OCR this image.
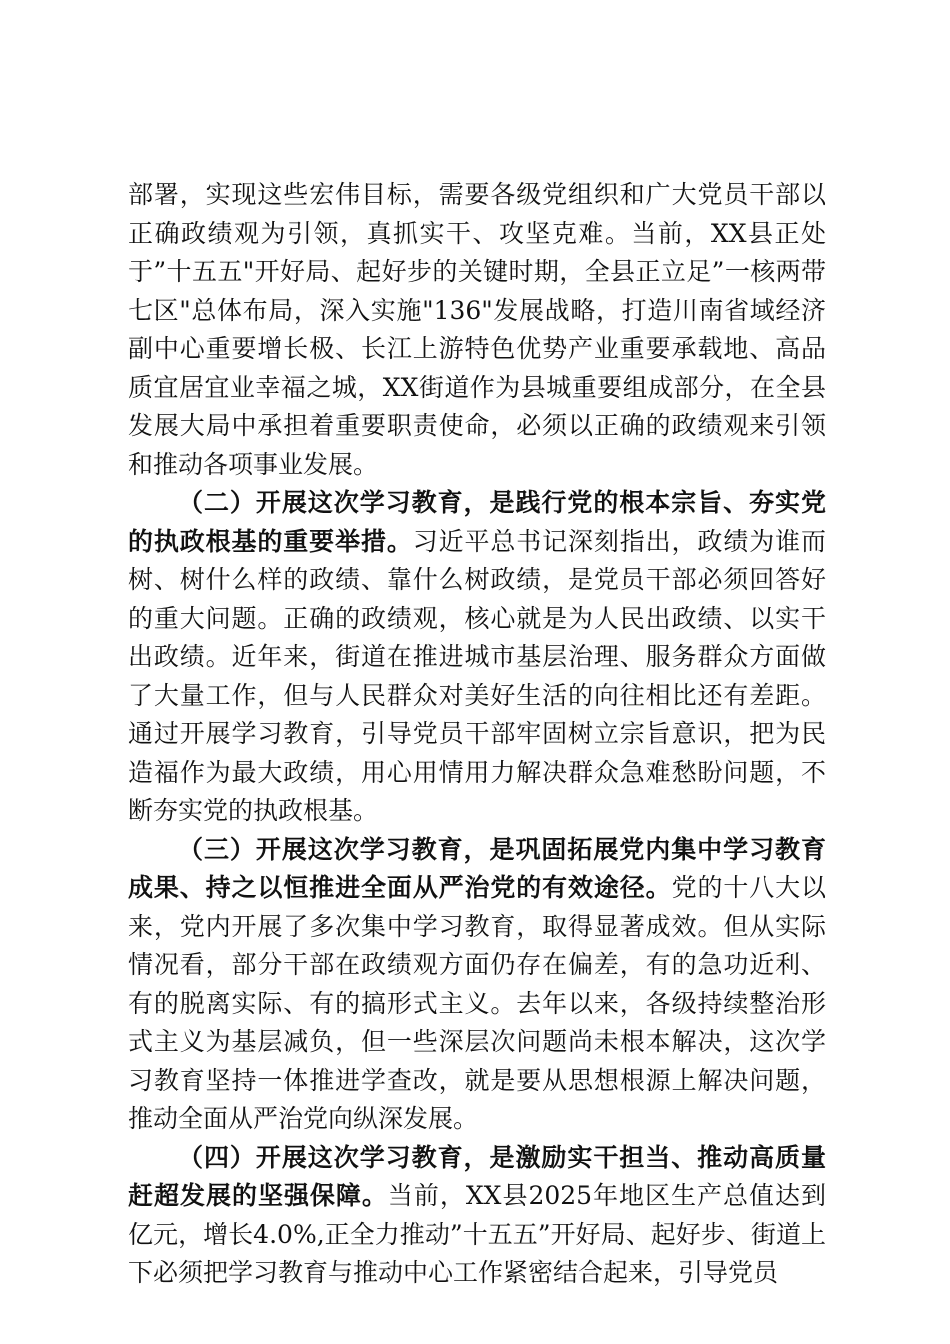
部署，实现这些宏伟目标，需要各级党组织和广大党员干部以正确政绩观为引领，真抓实干、攻坚克难。当前，XX县正处于”十五五"开好局、起好步的关键时期，全县正立足”一核两带七区"总体布局，深入实施"136"发展战略，打造川南省域经济副中心重要增长极、长江上游特色优势产业重要承载地、高品质宜居宜业幸福之城，XX街道作为县城重要组成部分，在全县发展大局中承担着重要职责使命，必须以正确的政绩观来引领和推动各项事业发展。

（二）开展这次学习教育，是践行党的根本宗旨、夯实党的执政根基的重要举措。习近平总书记深刻指出，政绩为谁而树、树什么样的政绩、靠什么树政绩，是党员干部必须回答好的重大问题。正确的政绩观，核心就是为人民出政绩、以实干出政绩。近年来，街道在推进城市基层治理、服务群众方面做了大量工作，但与人民群众对美好生活的向往相比还有差距。通过开展学习教育，引导党员干部牢固树立宗旨意识，把为民造福作为最大政绩，用心用情用力解决群众急难愁盼问题，不断夯实党的执政根基。

（三）开展这次学习教育，是巩固拓展党内集中学习教育成果、持之以恒推进全面从严治党的有效途径。党的十八大以来，党内开展了多次集中学习教育，取得显著成效。但从实际情况看，部分干部在政绩观方面仍存在偏差，有的急功近利、有的脱离实际、有的搞形式主义。去年以来，各级持续整治形式主义为基层减负，但一些深层次问题尚未根本解决，这次学习教育坚持一体推进学查改，就是要从思想根源上解决问题，推动全面从严治党向纵深发展。

（四）开展这次学习教育，是激励实干担当、推动高质量赶超发展的坚强保障。当前，XX县2025年地区生产总值达到亿元，增长4.0%,正全力推动”十五五”开好局、起好步、街道上下必须把学习教育与推动中心工作紧密结合起来，引导党员
